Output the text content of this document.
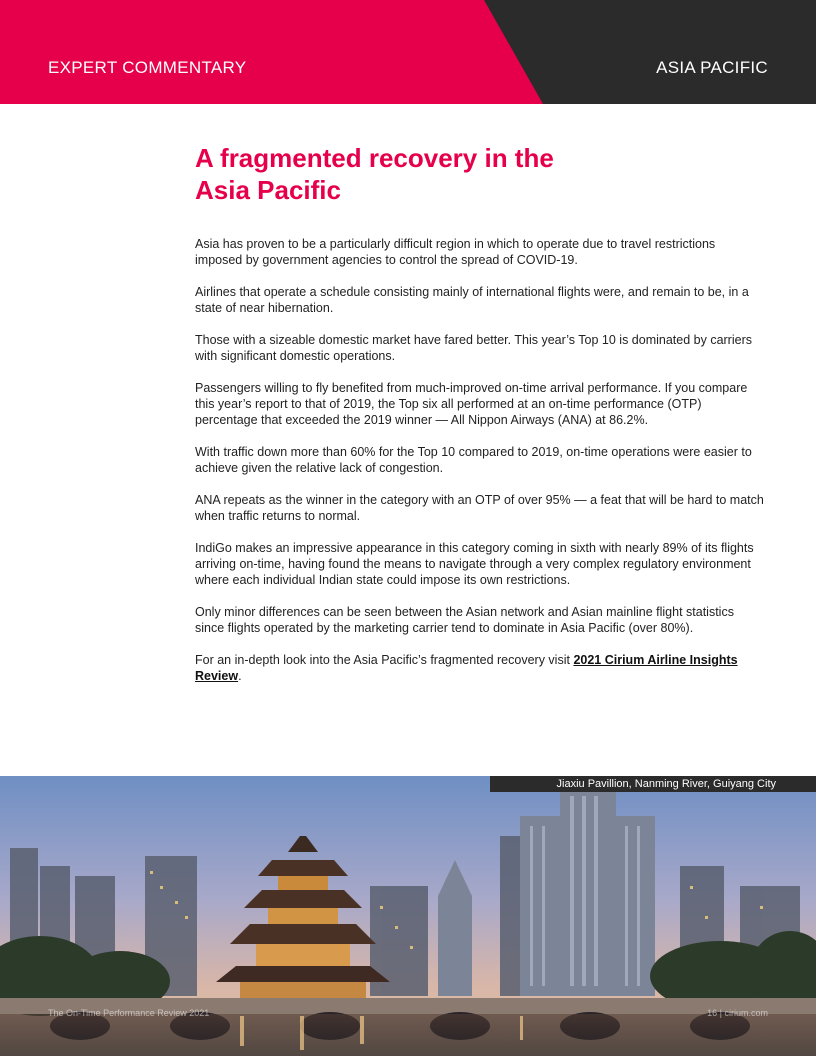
EXPERT COMMENTARY	ASIA PACIFIC
A fragmented recovery in the
Asia Pacific

Asia has proven to be a particularly difficult region in which to operate due to travel restrictions imposed by government agencies to control the spread of COVID-19.

Airlines that operate a schedule consisting mainly of international flights were, and remain to be, in a state of near hibernation.

Those with a sizeable domestic market have fared better. This year’s Top 10 is dominated by carriers with significant domestic operations.

Passengers willing to fly benefited from much-improved on-time arrival performance. If you compare this year’s report to that of 2019, the Top six all performed at an on-time performance (OTP) percentage that exceeded the 2019 winner — All Nippon Airways (ANA) at 86.2%.

With traffic down more than 60% for the Top 10 compared to 2019, on-time operations were easier to achieve given the relative lack of congestion.

ANA repeats as the winner in the category with an OTP of over 95% — a feat that will be hard to match when traffic returns to normal.

IndiGo makes an impressive appearance in this category coming in sixth with nearly 89% of its flights arriving on-time, having found the means to navigate through a very complex regulatory environment where each individual Indian state could impose its own restrictions.

Only minor differences can be seen between the Asian network and Asian mainline flight statistics since flights operated by the marketing carrier tend to dominate in Asia Pacific (over 80%).

For an in-depth look into the Asia Pacific’s fragmented recovery visit 2021 Cirium Airline Insights Review.

Jiaxiu Pavillion, Nanming River, Guiyang City
The On-Time Performance Review 2021	16 | cirium.com
